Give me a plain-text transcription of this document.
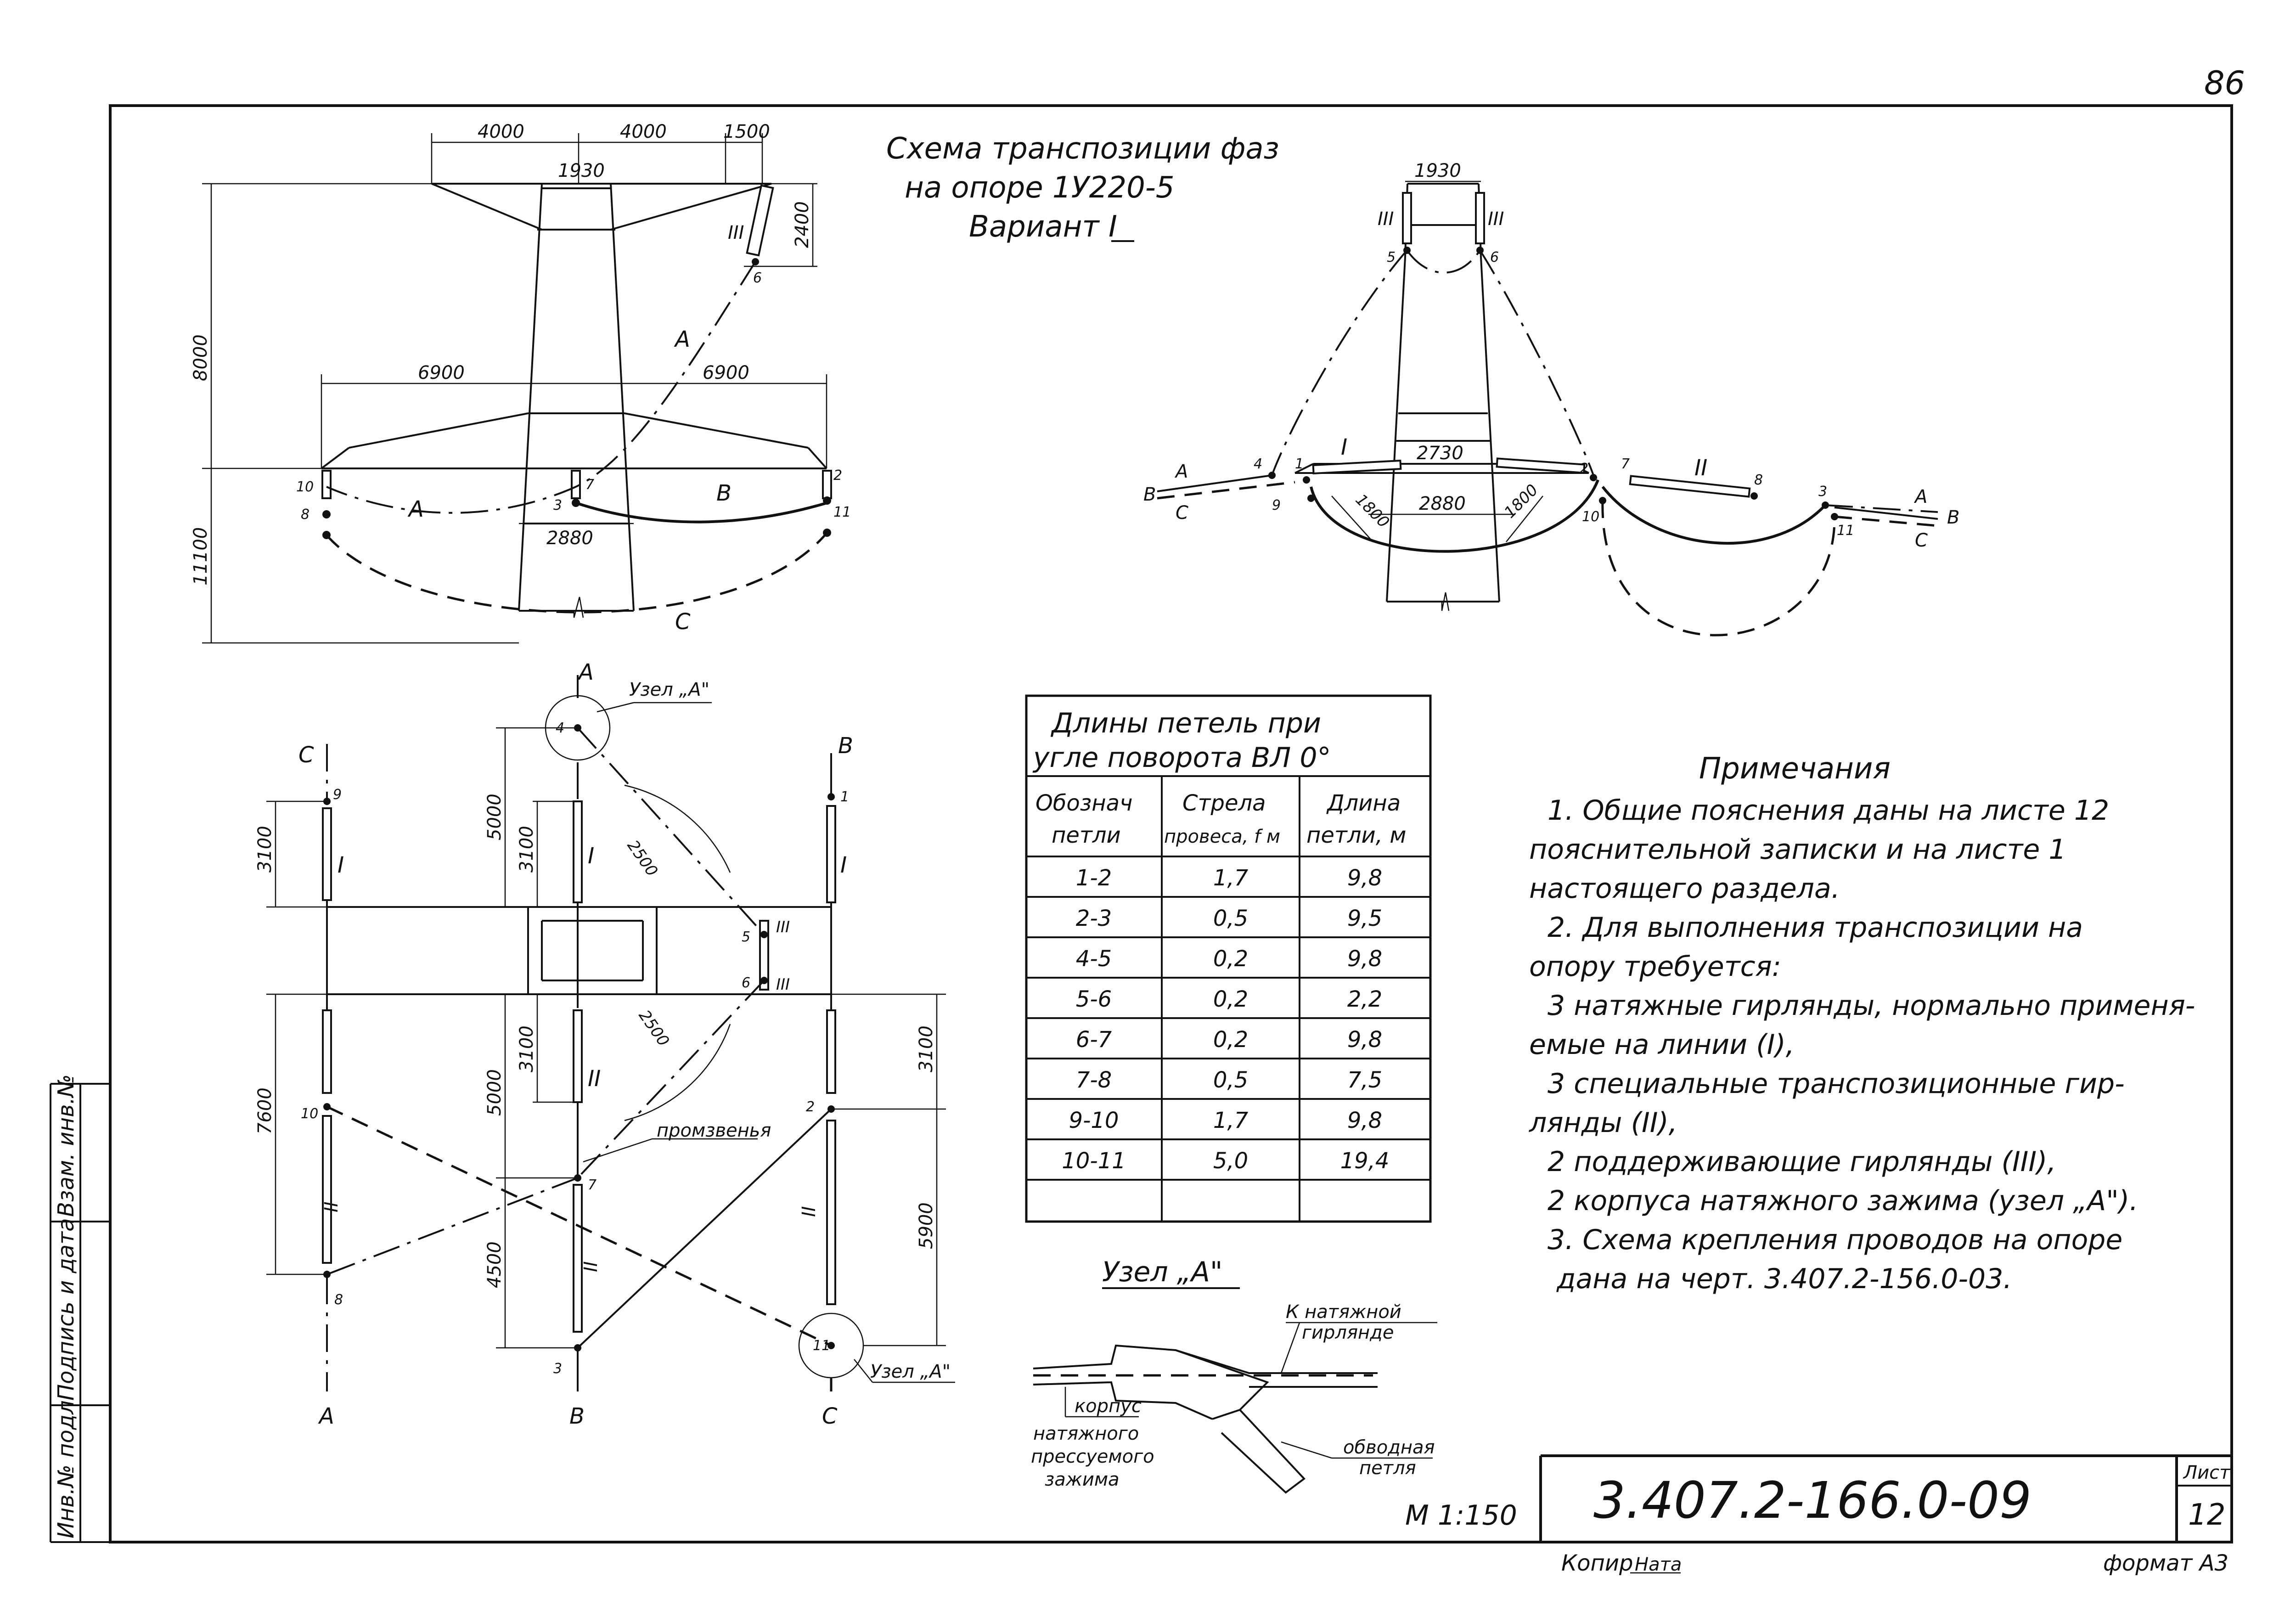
86
Взам. инв.№
Подпись и дата
Инв.№ подл
Схема транспозиции фаз
на опоре 1У220-5
Вариант I
4000	4000	1500
1930
8000
11100
6900	6900
2400
III
6
10
8
7
3
2
11
A
A
B
C
2880
1930
III	III
5	6
2730
2880
I
II
B
A
C
4 1
9	1800	1800
2 7
8
3
10
11
A
B
C
C
9
I
10
II
8
A
A
4
Узел „A"
I
II
7
II
3
B
B
1
I
2
II
11
Узел „A"
C
5
6
III
III
2500
2500
промзвенья
3100
7600
5000
3100
5000
3100
4500
3100
5900
Длины петель при
угле поворота ВЛ 0°
Обознач
петли
Стрела
провеса, f м
Длина
петли, м
1-2	1,7	9,8
2-3	0,5	9,5
4-5	0,2	9,8
5-6	0,2	2,2
6-7	0,2	9,8
7-8	0,5	7,5
9-10	1,7	9,8
10-11	5,0	19,4
Узел „A"
К натяжной
гирлянде
корпус
натяжного
прессуемого
зажима
обводная
петля
Примечания
1. Общие пояснения даны на листе 12
пояснительной записки и на листе 1
настоящего раздела.
2. Для выполнения транспозиции на
опору требуется:
3 натяжные гирлянды, нормально применя-
емые на линии (I),
3 специальные транспозиционные гир-
лянды (II),
2 поддерживающие гирлянды (III),
2 корпуса натяжного зажима (узел „A").
3. Схема крепления проводов на опоре
дана на черт. 3.407.2-156.0-03.
М 1:150 3.407.2-166.0-09	Лист
12
Копир Ната	формат А3
